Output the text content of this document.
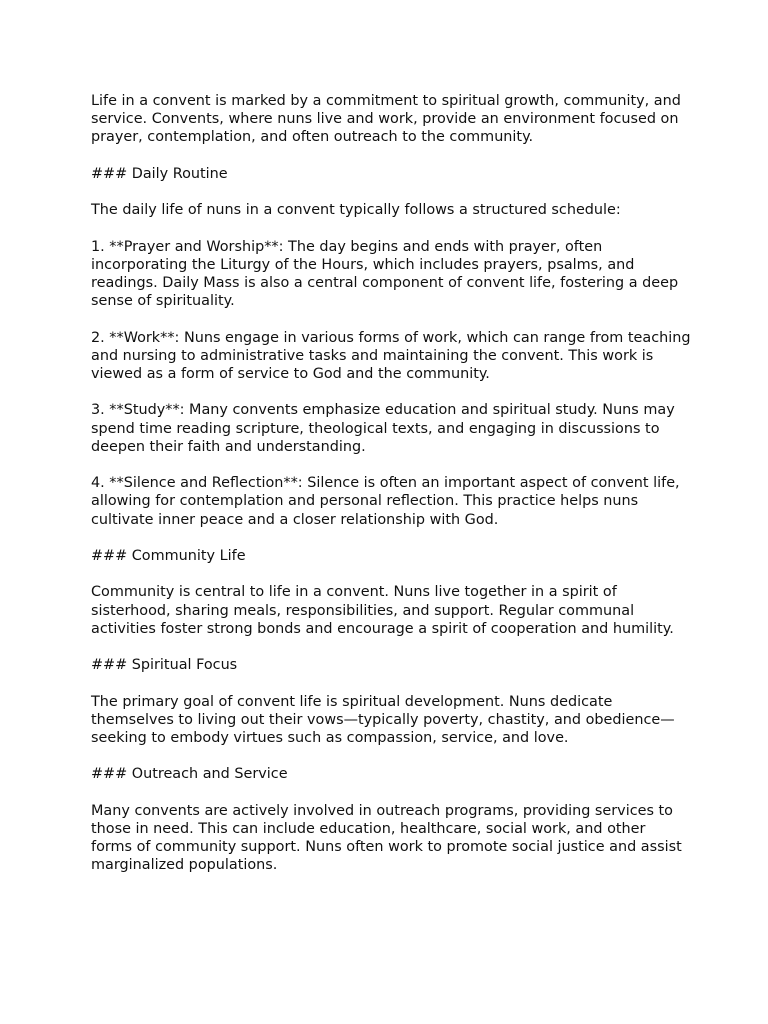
Life in a convent is marked by a commitment to spiritual growth, community, and service. Convents, where nuns live and work, provide an environment focused on prayer, contemplation, and often outreach to the community.

### Daily Routine

The daily life of nuns in a convent typically follows a structured schedule:

1. **Prayer and Worship**: The day begins and ends with prayer, often incorporating the Liturgy of the Hours, which includes prayers, psalms, and readings. Daily Mass is also a central component of convent life, fostering a deep sense of spirituality.

2. **Work**: Nuns engage in various forms of work, which can range from teaching and nursing to administrative tasks and maintaining the convent. This work is viewed as a form of service to God and the community.

3. **Study**: Many convents emphasize education and spiritual study. Nuns may spend time reading scripture, theological texts, and engaging in discussions to deepen their faith and understanding.

4. **Silence and Reflection**: Silence is often an important aspect of convent life, allowing for contemplation and personal reflection. This practice helps nuns cultivate inner peace and a closer relationship with God.

### Community Life

Community is central to life in a convent. Nuns live together in a spirit of sisterhood, sharing meals, responsibilities, and support. Regular communal activities foster strong bonds and encourage a spirit of cooperation and humility.

### Spiritual Focus

The primary goal of convent life is spiritual development. Nuns dedicate themselves to living out their vows—typically poverty, chastity, and obedience—seeking to embody virtues such as compassion, service, and love.

### Outreach and Service

Many convents are actively involved in outreach programs, providing services to those in need. This can include education, healthcare, social work, and other forms of community support. Nuns often work to promote social justice and assist marginalized populations.
